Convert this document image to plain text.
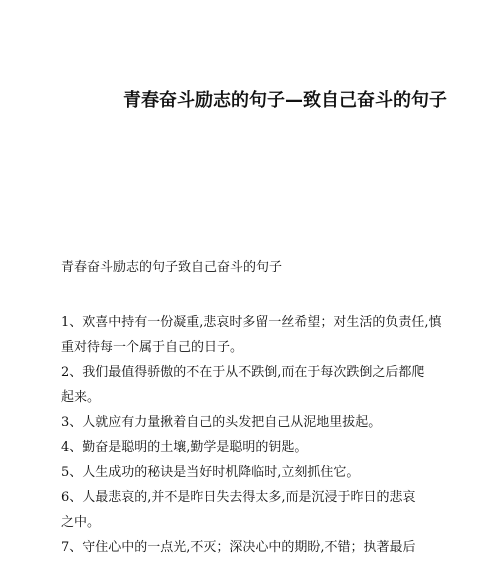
青春奋斗励志的句子—致自己奋斗的句子
青春奋斗励志的句子致自己奋斗的句子
1、欢喜中持有一份凝重,悲哀时多留一丝希望；对生活的负责任,慎
重对待每一个属于自己的日子。
2、我们最值得骄傲的不在于从不跌倒,而在于每次跌倒之后都爬
起来。
3、人就应有力量揪着自己的头发把自己从泥地里拔起。
4、勤奋是聪明的土壤,勤学是聪明的钥匙。
5、人生成功的秘诀是当好时机降临时,立刻抓住它。
6、人最悲哀的,并不是昨日失去得太多,而是沉浸于昨日的悲哀
之中。
7、守住心中的一点光,不灭；深决心中的期盼,不错；执著最后
